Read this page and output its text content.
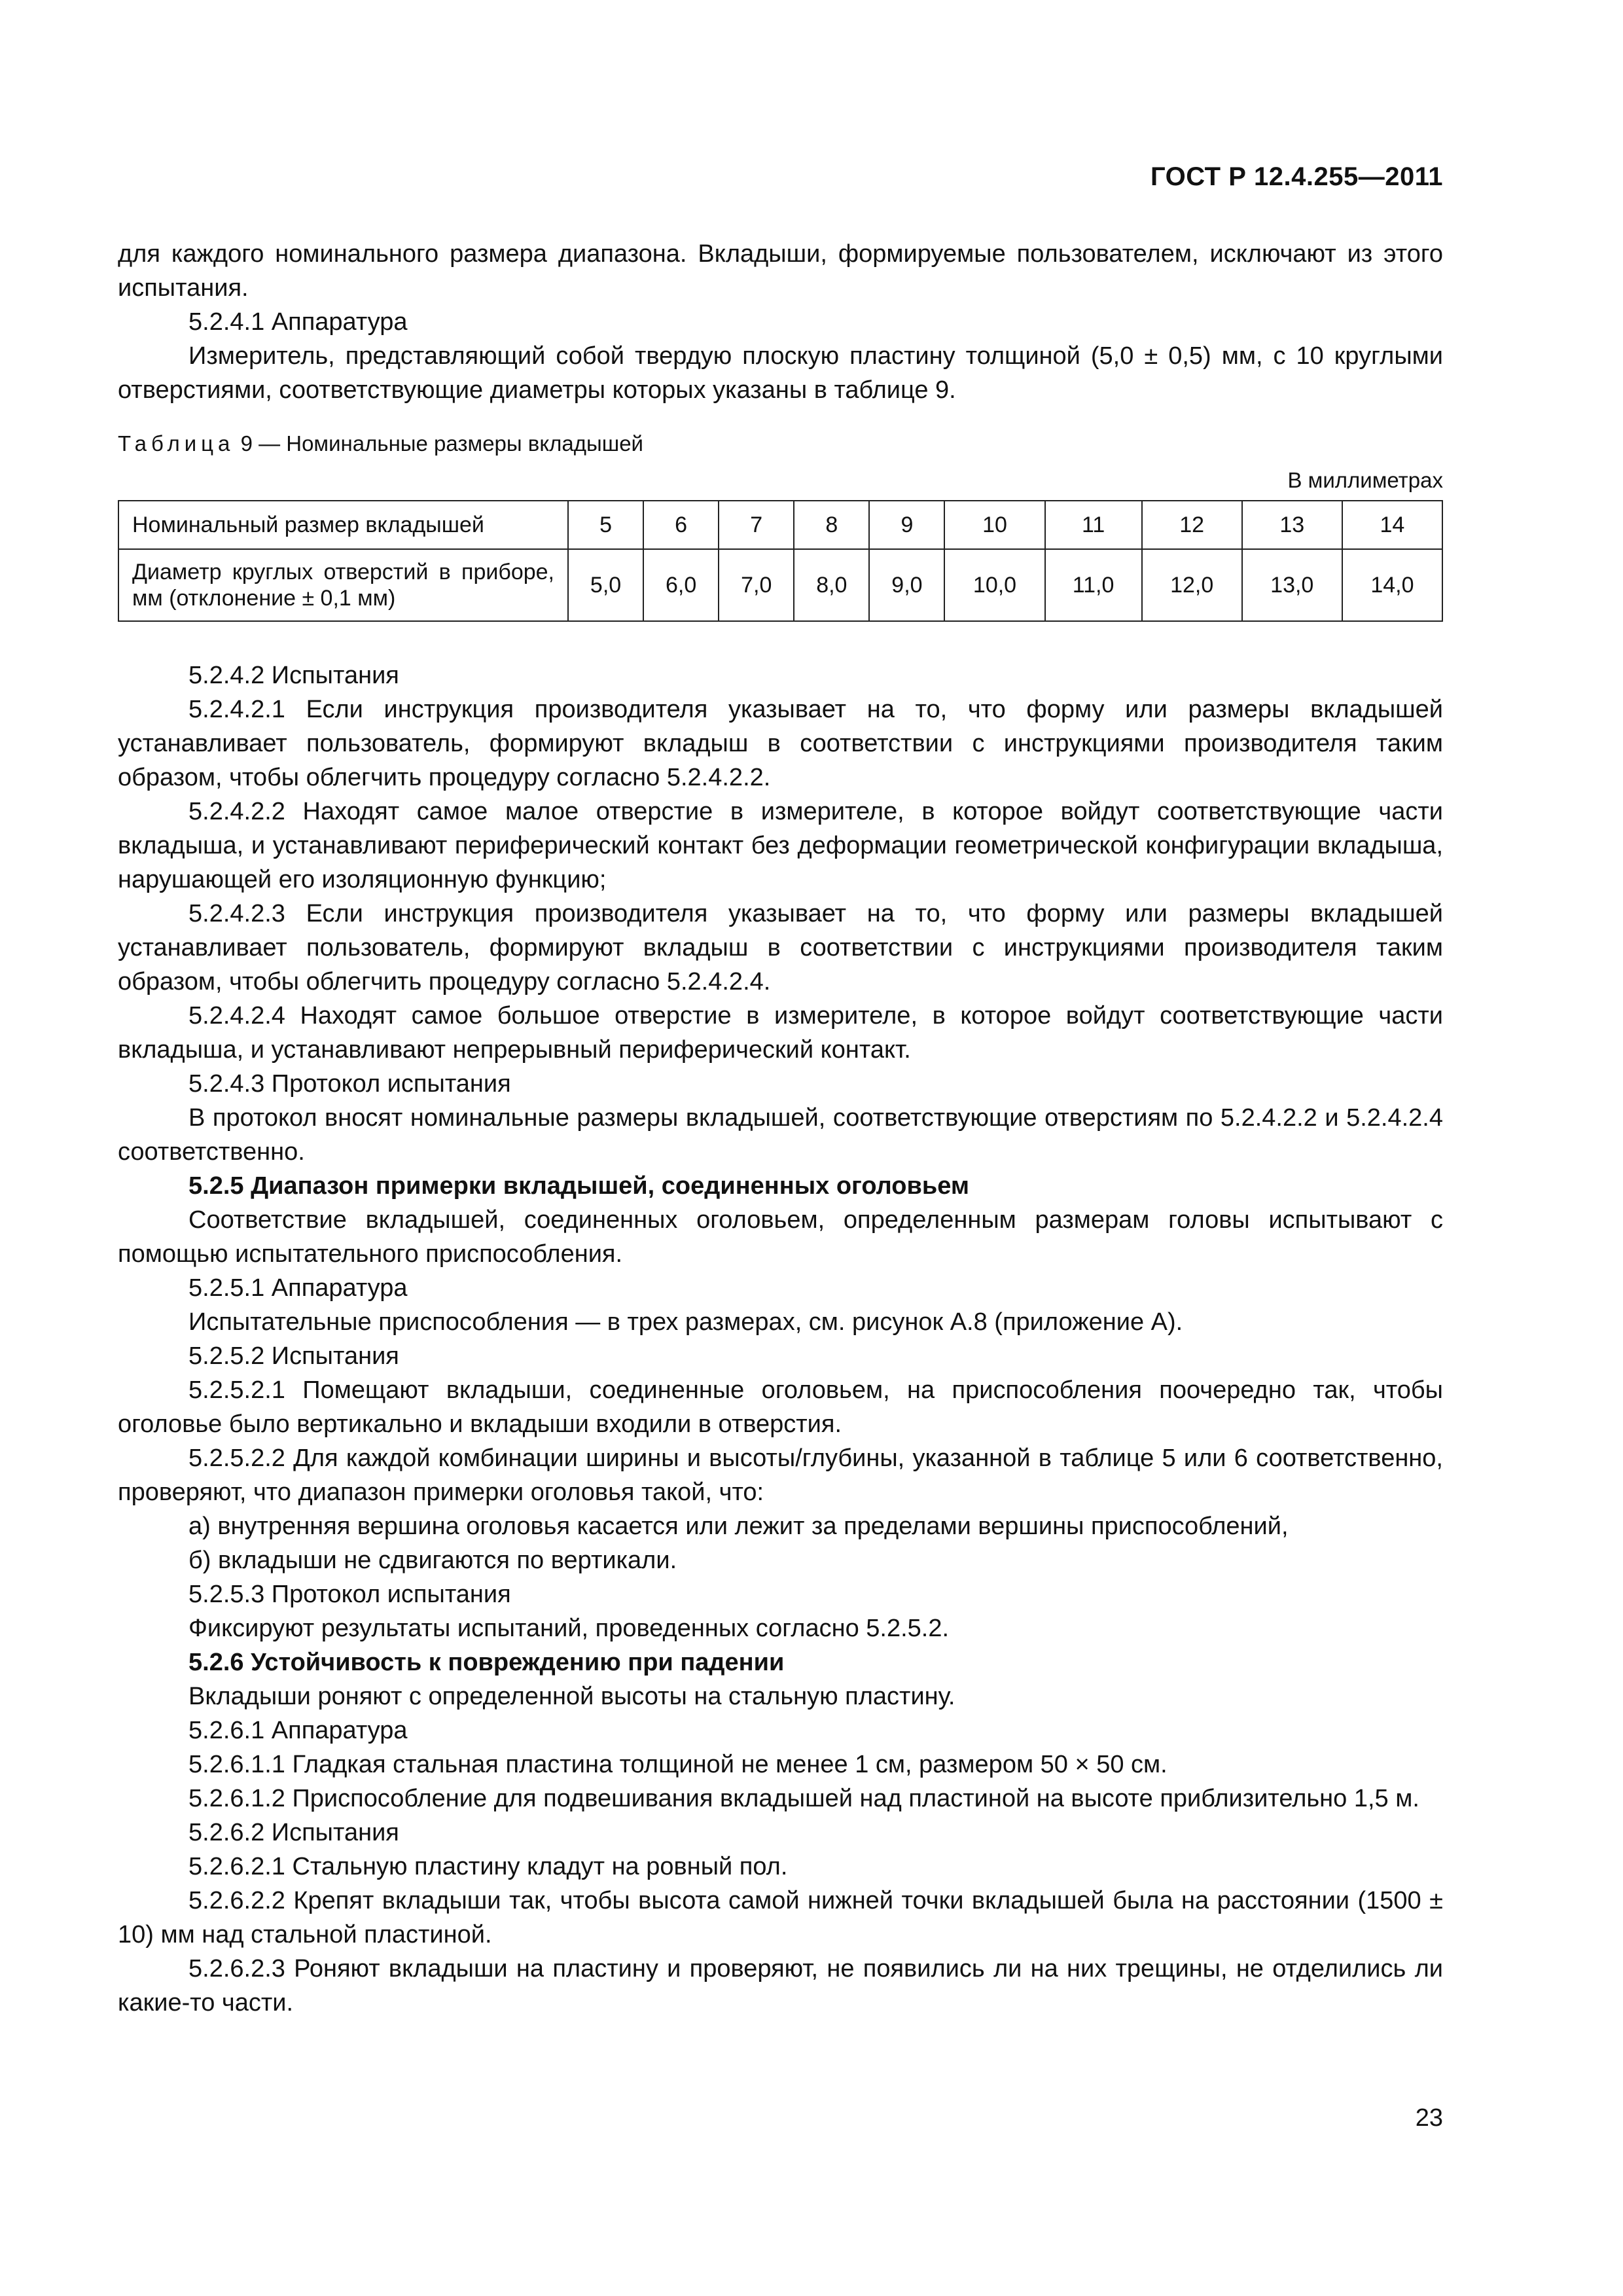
ГОСТ Р 12.4.255—2011

для каждого номинального размера диапазона. Вкладыши, формируемые пользователем, исключают из этого испытания.

5.2.4.1 Аппаратура

Измеритель, представляющий собой твердую плоскую пластину толщиной (5,0 ± 0,5) мм, с 10 круглыми отверстиями, соответствующие диаметры которых указаны в таблице 9.

Таблица 9 — Номинальные размеры вкладышей

В миллиметрах
Номинальный размер вкладышей	5	6	7	8	9	10	11	12	13	14
Диаметр круглых отверстий в приборе, мм (отклонение ± 0,1 мм)	5,0	6,0	7,0	8,0	9,0	10,0	11,0	12,0	13,0	14,0

5.2.4.2 Испытания

5.2.4.2.1 Если инструкция производителя указывает на то, что форму или размеры вкладышей устанавливает пользователь, формируют вкладыш в соответствии с инструкциями производителя таким образом, чтобы облегчить процедуру согласно 5.2.4.2.2.

5.2.4.2.2 Находят самое малое отверстие в измерителе, в которое войдут соответствующие части вкладыша, и устанавливают периферический контакт без деформации геометрической конфигурации вкладыша, нарушающей его изоляционную функцию;

5.2.4.2.3 Если инструкция производителя указывает на то, что форму или размеры вкладышей устанавливает пользователь, формируют вкладыш в соответствии с инструкциями производителя таким образом, чтобы облегчить процедуру согласно 5.2.4.2.4.

5.2.4.2.4 Находят самое большое отверстие в измерителе, в которое войдут соответствующие части вкладыша, и устанавливают непрерывный периферический контакт.

5.2.4.3 Протокол испытания

В протокол вносят номинальные размеры вкладышей, соответствующие отверстиям по 5.2.4.2.2 и 5.2.4.2.4 соответственно.

5.2.5 Диапазон примерки вкладышей, соединенных оголовьем

Соответствие вкладышей, соединенных оголовьем, определенным размерам головы испытывают с помощью испытательного приспособления.

5.2.5.1 Аппаратура

Испытательные приспособления — в трех размерах, см. рисунок А.8 (приложение А).

5.2.5.2 Испытания

5.2.5.2.1 Помещают вкладыши, соединенные оголовьем, на приспособления поочередно так, чтобы оголовье было вертикально и вкладыши входили в отверстия.

5.2.5.2.2 Для каждой комбинации ширины и высоты/глубины, указанной в таблице 5 или 6 соответственно, проверяют, что диапазон примерки оголовья такой, что:

а) внутренняя вершина оголовья касается или лежит за пределами вершины приспособлений,

б) вкладыши не сдвигаются по вертикали.

5.2.5.3 Протокол испытания

Фиксируют результаты испытаний, проведенных согласно 5.2.5.2.

5.2.6 Устойчивость к повреждению при падении

Вкладыши роняют с определенной высоты на стальную пластину.

5.2.6.1 Аппаратура

5.2.6.1.1 Гладкая стальная пластина толщиной не менее 1 см, размером 50 × 50 см.

5.2.6.1.2 Приспособление для подвешивания вкладышей над пластиной на высоте приблизительно 1,5 м.

5.2.6.2 Испытания

5.2.6.2.1 Стальную пластину кладут на ровный пол.

5.2.6.2.2 Крепят вкладыши так, чтобы высота самой нижней точки вкладышей была на расстоянии (1500 ± 10) мм над стальной пластиной.

5.2.6.2.3 Роняют вкладыши на пластину и проверяют, не появились ли на них трещины, не отделились ли какие-то части.

23
